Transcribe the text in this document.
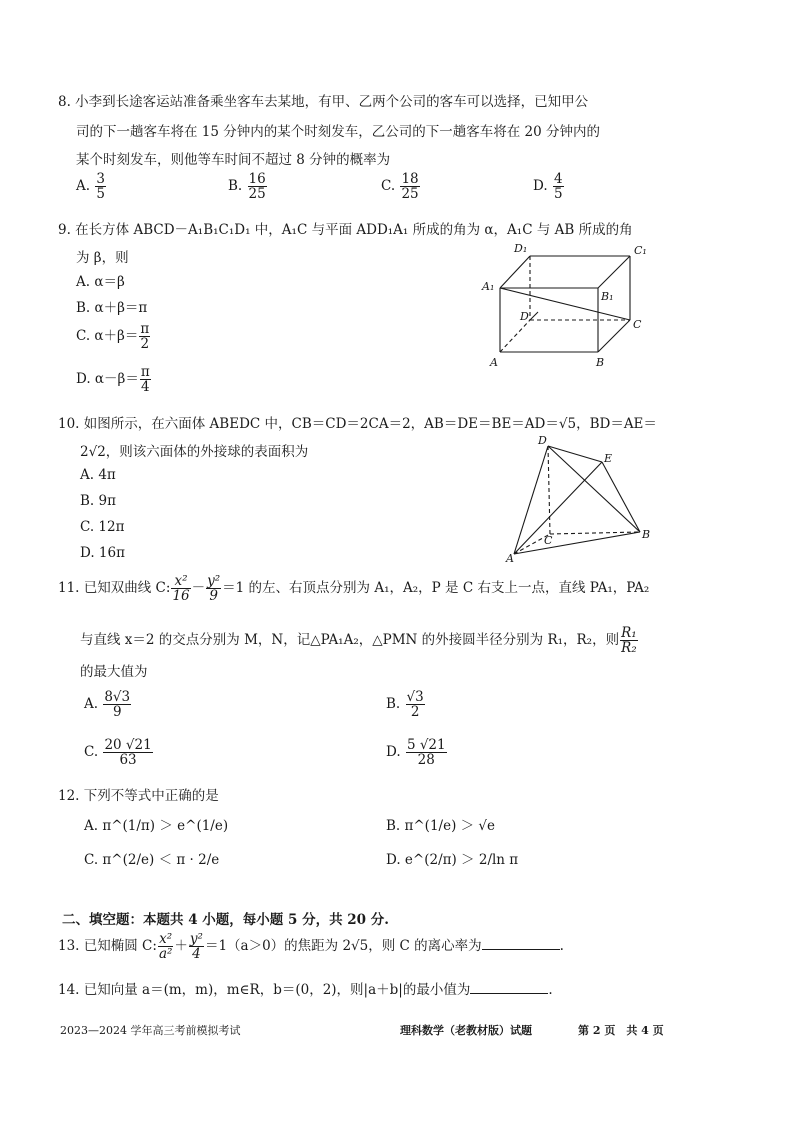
8. 小李到长途客运站准备乘坐客车去某地，有甲、乙两个公司的客车可以选择，已知甲公
司的下一趟客车将在 15 分钟内的某个时刻发车，乙公司的下一趟客车将在 20 分钟内的
某个时刻发车，则他等车时间不超过 8 分钟的概率为
A. $\frac{3}{5}$	B. $\frac{16}{25}$	C. $\frac{18}{25}$	D. $\frac{4}{5}$
9. 在长方体 ABCD－A₁B₁C₁D₁ 中，A₁C 与平面 ADD₁A₁ 所成的角为 α，A₁C 与 AB 所成的角
为 β，则
A. α＝β
B. α＋β＝π
C. $\alpha+\beta= \frac{\pi}{2}$
D. $\alpha-\beta= \frac{\pi}{4}$
D₁	C₁
A₁
B₁
D
C
A	B
10. 如图所示，在六面体 ABEDC 中，CB＝CD＝2CA＝2，AB＝DE＝BE＝AD＝√5，BD＝AE＝
2√2，则该六面体的外接球的表面积为
A. 4π
B. 9π
C. 12π
D. 16π
D
E
C	B
A
11. 已知双曲线 C: $\frac{\text{x²}}{16} - \frac{\text{y²}}{9} =1$ 的左、右顶点分别为 A₁，A₂，P 是 C 右支上一点，直线 PA₁，PA₂
与直线 x＝2 的交点分别为 M，N，记△PA₁A₂，△PMN 的外接圆半径分别为 R₁，R₂，则 $\frac{\text{R₁}}{\text{R₂}}$
的最大值为
A. $\frac{8√3}{9}$	B. $\frac{√3}{2}$
C. $\frac{20 √21}{63}$	D. $\frac{5 √21}{28}$
12. 下列不等式中正确的是
A. π^(1/π) ＞ e^(1/e)	B. π^(1/e) ＞ √e
C. π^(2/e) ＜ π · 2/e	D. e^(2/π) ＞ 2/ln π
二、填空题：本题共 4 小题，每小题 5 分，共 20 分.
13. 已知椭圆 C: $\frac{\text{x²}}{\text{a²}} + \frac{\text{y²}}{4} =1(a>0)$的焦距为 2√5，则 C 的离心率为	.
14. 已知向量 a＝(m，m)，m∈R，b＝(0，2)，则|a＋b|的最小值为	.
2023—2024 学年高三考前模拟考试	理科数学（老教材版）试题	第 2 页　共 4 页
